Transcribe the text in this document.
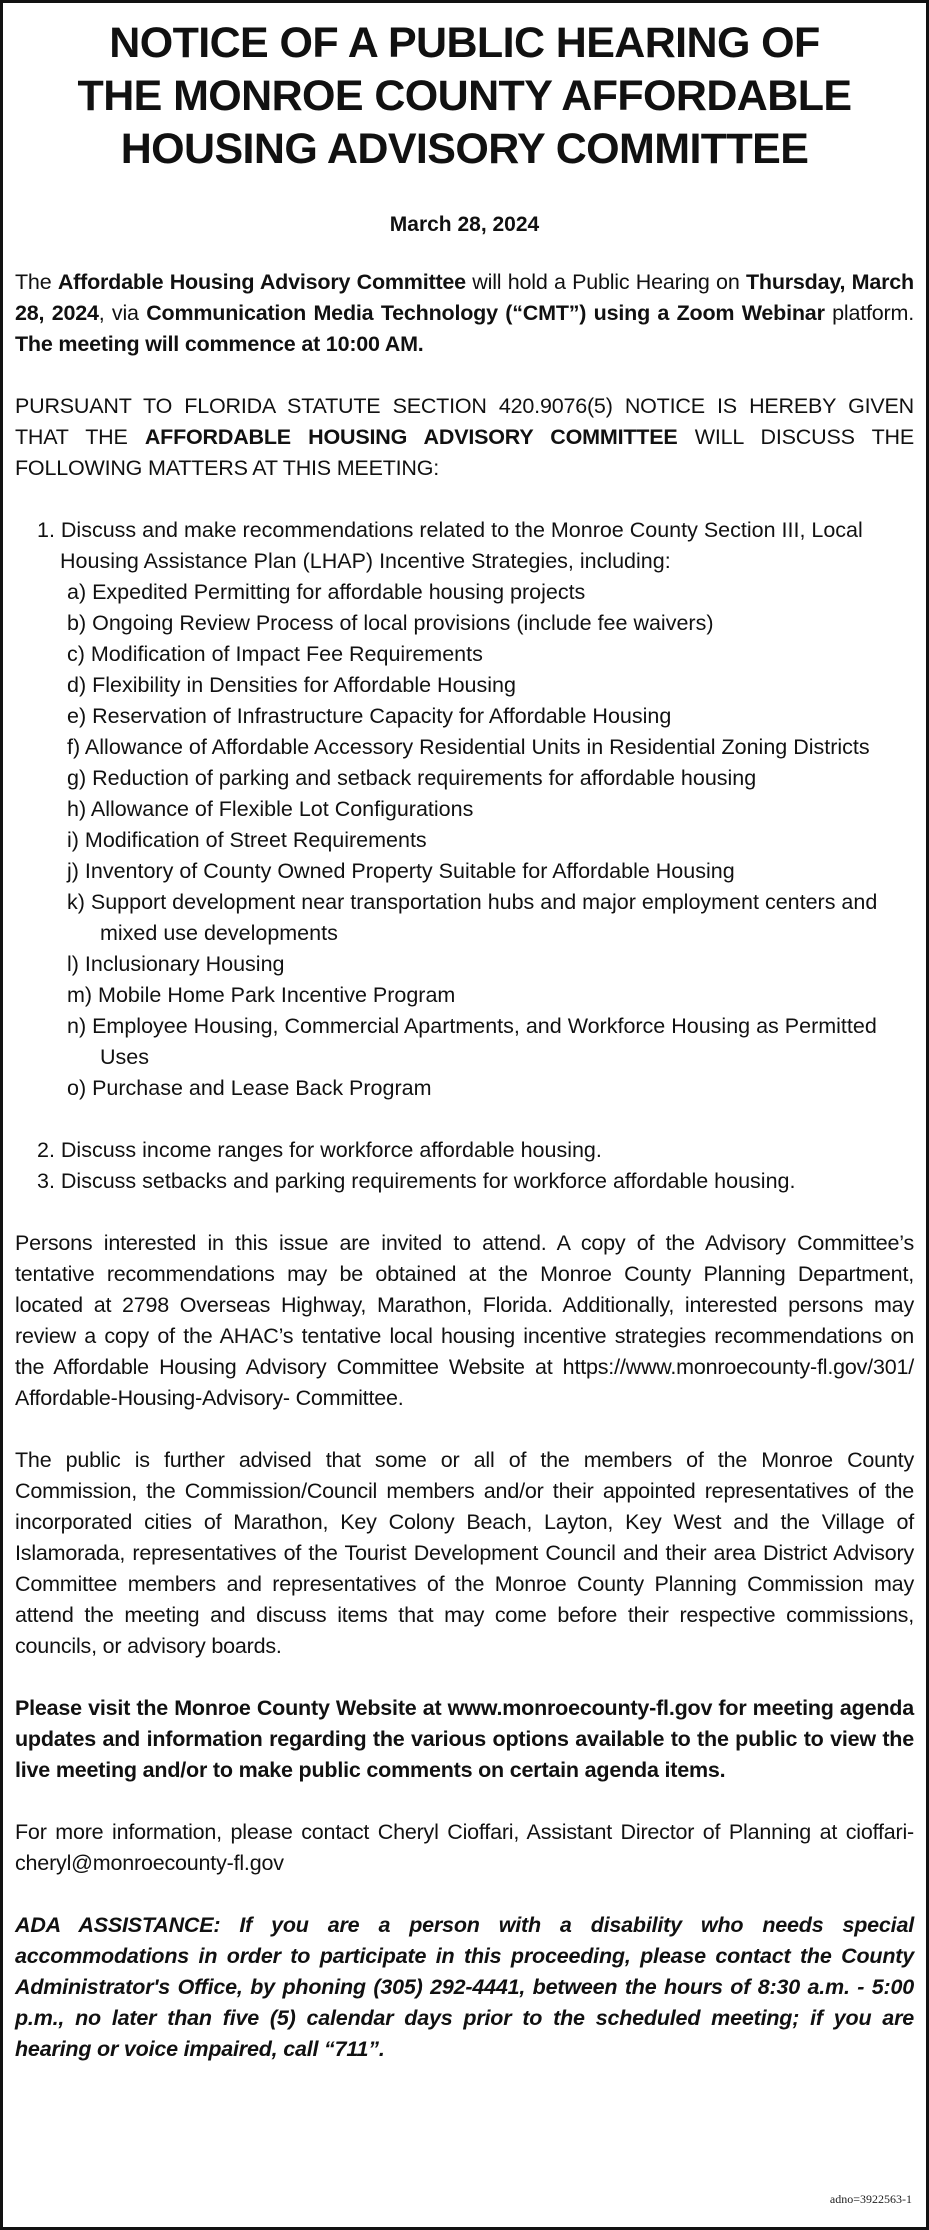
NOTICE OF A PUBLIC HEARING OF
THE MONROE COUNTY AFFORDABLE
HOUSING ADVISORY COMMITTEE
March 28, 2024

The Affordable Housing Advisory Committee will hold a Public Hearing on Thursday, March 28, 2024, via Communication Media Technology (“CMT”) using a Zoom Webinar platform. The meeting will commence at 10:00 AM.

PURSUANT TO FLORIDA STATUTE SECTION 420.9076(5) NOTICE IS HEREBY GIVEN THAT THE AFFORDABLE HOUSING ADVISORY COMMITTEE WILL DISCUSS THE FOLLOWING MATTERS AT THIS MEETING:

1. Discuss and make recommendations related to the Monroe County Section III, Local Housing Assistance Plan (LHAP) Incentive Strategies, including:
a) Expedited Permitting for affordable housing projects
b) Ongoing Review Process of local provisions (include fee waivers)
c) Modification of Impact Fee Requirements
d) Flexibility in Densities for Affordable Housing
e) Reservation of Infrastructure Capacity for Affordable Housing
f) Allowance of Affordable Accessory Residential Units in Residential Zoning Districts
g) Reduction of parking and setback requirements for affordable housing
h) Allowance of Flexible Lot Configurations
i) Modification of Street Requirements
j) Inventory of County Owned Property Suitable for Affordable Housing
k) Support development near transportation hubs and major employment centers and mixed use developments
l) Inclusionary Housing
m) Mobile Home Park Incentive Program
n) Employee Housing, Commercial Apartments, and Workforce Housing as Permitted Uses
o) Purchase and Lease Back Program
2. Discuss income ranges for workforce affordable housing.
3. Discuss setbacks and parking requirements for workforce affordable housing.

Persons interested in this issue are invited to attend. A copy of the Advisory Committee’s tentative recommendations may be obtained at the Monroe County Planning Department, located at 2798 Overseas Highway, Marathon, Florida. Additionally, interested persons may review a copy of the AHAC’s tentative local housing incentive strategies recommendations on the Affordable Housing Advisory Committee Website at https://www.monroecounty-fl.gov/301/ Affordable-Housing-Advisory- Committee.

The public is further advised that some or all of the members of the Monroe County Commission, the Commission/Council members and/or their appointed representatives of the incorporated cities of Marathon, Key Colony Beach, Layton, Key West and the Village of Islamorada, representatives of the Tourist Development Council and their area District Advisory Committee members and representatives of the Monroe County Planning Commission may attend the meeting and discuss items that may come before their respective commissions, councils, or advisory boards.

Please visit the Monroe County Website at www.monroecounty-fl.gov for meeting agenda updates and information regarding the various options available to the public to view the live meeting and/or to make public comments on certain agenda items.

For more information, please contact Cheryl Cioffari, Assistant Director of Planning at cioffari-cheryl@monroecounty-fl.gov

ADA ASSISTANCE: If you are a person with a disability who needs special accommodations in order to participate in this proceeding, please contact the County Administrator's Office, by phoning (305) 292-4441, between the hours of 8:30 a.m. - 5:00 p.m., no later than five (5) calendar days prior to the scheduled meeting; if you are hearing or voice impaired, call “711”.

adno=3922563-1
